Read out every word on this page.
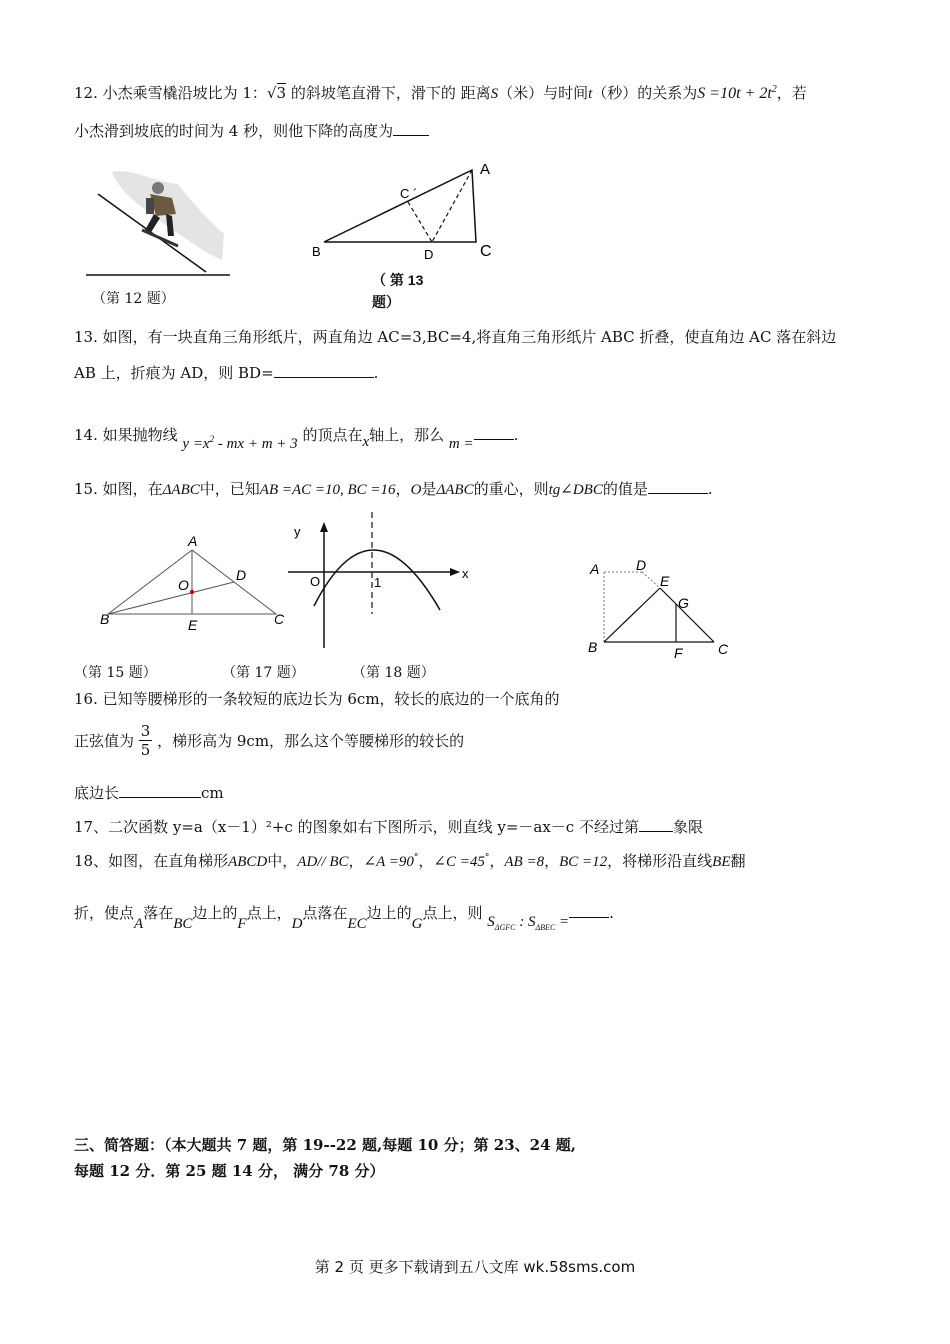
12. 小杰乘雪橇沿坡比为 1：√3 的斜坡笔直滑下，滑下的 距离S（米）与时间t（秒）的关系为$S =10t + 2t^2$，若
小杰滑到坡底的时间为 4 秒，则他下降的高度为
（第 12 题）
A
C ´
B	D	C
（ 第 13
题）
13. 如图，有一块直角三角形纸片，两直角边 AC=3,BC=4,将直角三角形纸片 ABC 折叠，使直角边 AC 落在斜边
AB 上，折痕为 AD，则 BD=	.
14. 如果抛物线 $y =x^2$ - mx + m + 3 的顶点在x轴上，那么 m =	.
15. 如图，在ΔABC中，已知AB =AC =10, BC =16，O是ΔABC的重心，则tg∠DBC的值是	.
A
O
D
B	E	C
（第 15 题）
y
O	1
x
（第 17 题）
A	D
E
G
B	F	C
（第 18 题）
16. 已知等腰梯形的一条较短的底边长为 6cm，较长的底边的一个底角的
正弦值为 $\frac{3}{5}$ ，梯形高为 9cm，那么这个等腰梯形的较长的
底边长	cm
17、二次函数 y=a（x－1）²+c 的图象如右下图所示，则直线 y=－ax－c 不经过第 象限
18、如图，在直角梯形ABCD中，AD// BC，∠A =90°，∠C =45°，AB =8，BC =12，将梯形沿直线BE翻
折，使点A落在BC边上的F点上，D点落在EC边上的G点上，则 $S_{\Delta GFC}$ : $S_{\Delta BEC}$ =	.
三、简答题：（本大题共 7 题，第 19--22 题,每题 10 分；第 23、24 题,
每题 12 分．第 25 题 14 分， 满分 78 分）
第 2 页 更多下载请到五八文库 wk.58sms.com
